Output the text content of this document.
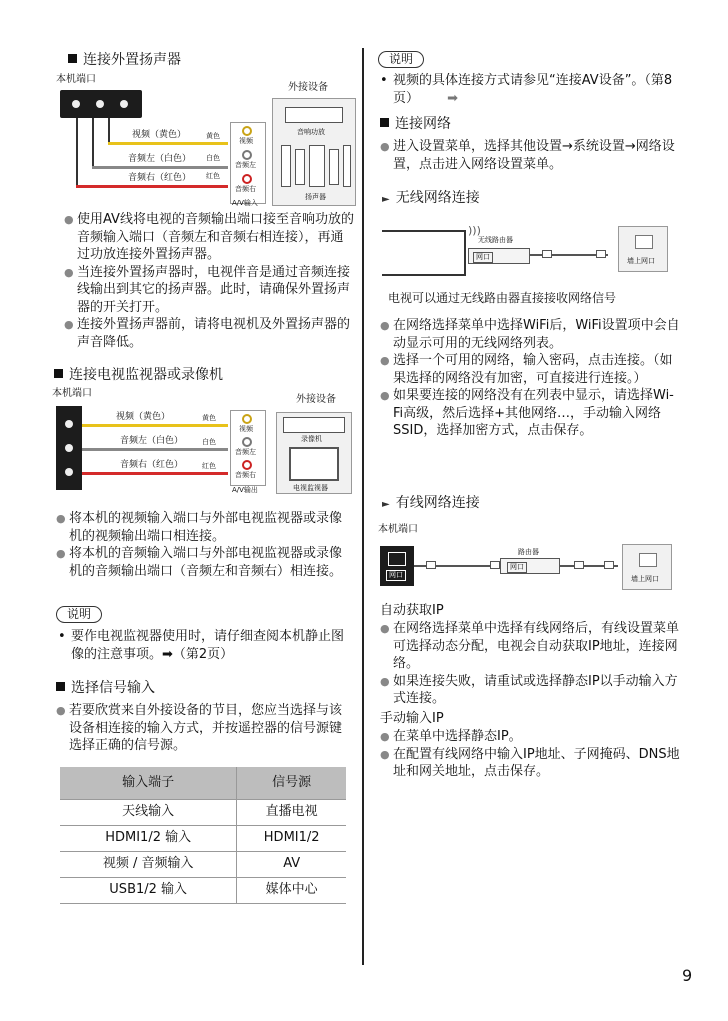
连接外置扬声器
本机端口
视频（黄色）
音频左（白色）
音频右（红色）
黄色
白色
红色
视频
音频左
音频右
A/V输入
外接设备
音响功放
扬声器
● 使用AV线将电视的音频输出端口接至音响功放的音频输入端口（音频左和音频右相连接），再通过功放连接外置扬声器。
● 当连接外置扬声器时，电视伴音是通过音频连接线输出到其它的扬声器。此时，请确保外置扬声器的开关打开。
● 连接外置扬声器前，请将电视机及外置扬声器的声音降低。
连接电视监视器或录像机
本机端口
视频（黄色）
音频左（白色）
音频右（红色）
黄色
白色
红色
视频
音频左
音频右
A/V输出
外接设备
录像机
电视监视器
● 将本机的视频输入端口与外部电视监视器或录像机的视频输出端口相连接。
● 将本机的音频输入端口与外部电视监视器或录像机的音频输出端口（音频左和音频右）相连接。
说明
• 要作电视监视器使用时，请仔细查阅本机静止图像的注意事项。➡（第2页）
选择信号输入
● 若要欣赏来自外接设备的节目，您应当选择与该设备相连接的输入方式，并按遥控器的信号源键选择正确的信号源。
输入端子	信号源
天线输入	直播电视
HDMI1/2 输入	HDMI1/2
视频 / 音频输入	AV
USB1/2 输入	媒体中心
说明
• 视频的具体连接方式请参见“连接AV设备”。（第8页） ➡
连接网络
● 进入设置菜单，选择其他设置→系统设置→网络设置，点击进入网络设置菜单。
► 无线网络连接
)))
无线路由器
网口	墙上网口
电视可以通过无线路由器直接接收网络信号
● 在网络选择菜单中选择WiFi后，WiFi设置项中会自动显示可用的无线网络列表。
● 选择一个可用的网络，输入密码，点击连接。（如果选择的网络没有加密，可直接进行连接。）
● 如果要连接的网络没有在列表中显示，请选择Wi-Fi高级，然后选择+其他网络…，手动输入网络SSID，选择加密方式，点击保存。
► 有线网络连接
本机端口
网口
路由器
网口
墙上网口
自动获取IP
● 在网络选择菜单中选择有线网络后，有线设置菜单可选择动态分配，电视会自动获取IP地址，连接网络。
● 如果连接失败，请重试或选择静态IP以手动输入方式连接。
手动输入IP
● 在菜单中选择静态IP。
● 在配置有线网络中输入IP地址、子网掩码、DNS地址和网关地址，点击保存。
9
